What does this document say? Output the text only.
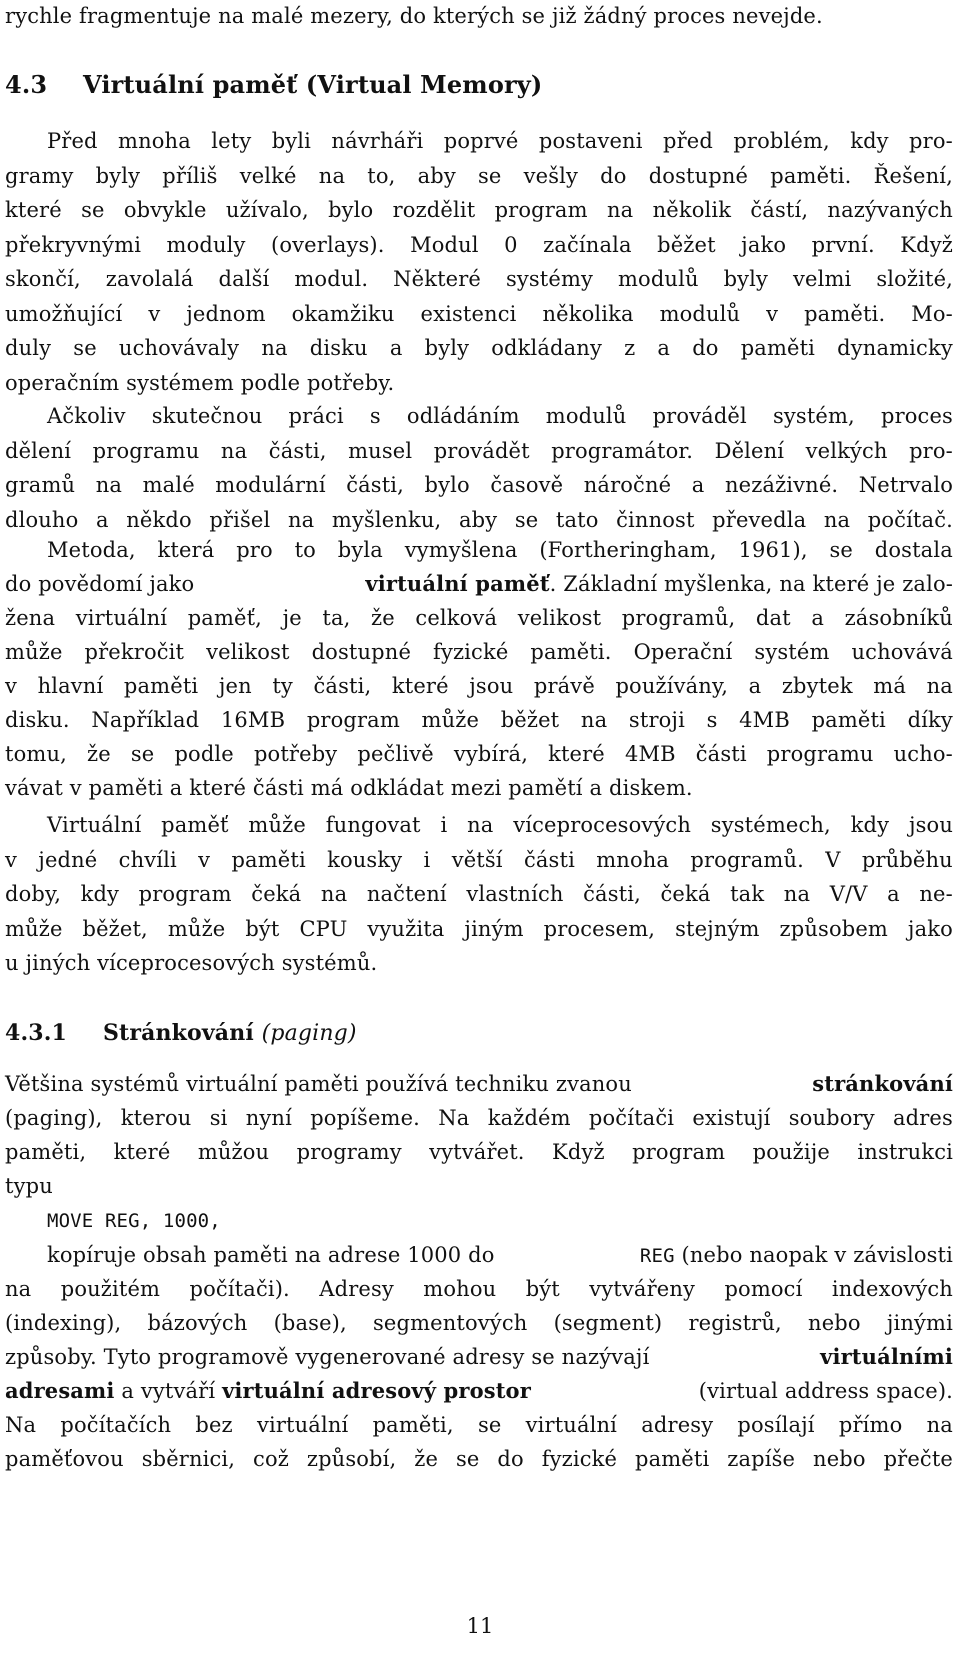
rychle fragmentuje na malé mezery, do kterých se již žádný proces nevejde.
4.3 Virtuální paměť (Virtual Memory)
Před mnoha lety byli návrháři poprvé postaveni před problém, kdy pro-
gramy byly příliš velké na to, aby se vešly do dostupné paměti. Řešení,
které se obvykle užívalo, bylo rozdělit program na několik částí, nazývaných
překryvnými moduly (overlays). Modul 0 začínala běžet jako první. Když
skončí, zavolalá další modul. Některé systémy modulů byly velmi složité,
umožňující v jednom okamžiku existenci několika modulů v paměti. Mo-
duly se uchovávaly na disku a byly odkládany z a do paměti dynamicky
operačním systémem podle potřeby.
Ačkoliv skutečnou práci s odládáním modulů prováděl systém, proces
dělení programu na části, musel provádět programátor. Dělení velkých pro-
gramů na malé modulární části, bylo časově náročné a nezáživné. Netrvalo
dlouho a někdo přišel na myšlenku, aby se tato činnost převedla na počítač.
Metoda, která pro to byla vymyšlena (Fortheringham, 1961), se dostala
do povědomí jako	virtuální paměť. Základní myšlenka, na které je zalo-
žena virtuální paměť, je ta, že celková velikost programů, dat a zásobníků
může překročit velikost dostupné fyzické paměti. Operační systém uchovává
v hlavní paměti jen ty části, které jsou právě používány, a zbytek má na
disku. Například 16MB program může běžet na stroji s 4MB paměti díky
tomu, že se podle potřeby pečlivě vybírá, které 4MB části programu ucho-
vávat v paměti a které části má odkládat mezi pamětí a diskem.
Virtuální paměť může fungovat i na víceprocesových systémech, kdy jsou
v jedné chvíli v paměti kousky i větší části mnoha programů. V průběhu
doby, kdy program čeká na načtení vlastních části, čeká tak na V/V a ne-
může běžet, může být CPU využita jiným procesem, stejným způsobem jako
u jiných víceprocesových systémů.
4.3.1 Stránkování (paging)
Většina systémů virtuální paměti používá techniku zvanou	stránkování
(paging), kterou si nyní popíšeme. Na každém počítači existují soubory adres
paměti, které můžou programy vytvářet. Když program použije instrukci
typu
MOVE REG, 1000,
kopíruje obsah paměti na adrese 1000 do	REG (nebo naopak v závislosti
na použitém počítači). Adresy mohou být vytvářeny pomocí indexových
(indexing), bázových (base), segmentových (segment) registrů, nebo jinými
způsoby. Tyto programově vygenerované adresy se nazývají	virtuálními
adresami a vytváří virtuální adresový prostor	(virtual address space).
Na počítačích bez virtuální paměti, se virtuální adresy posílají přímo na
paměťovou sběrnici, což způsobí, že se do fyzické paměti zapíše nebo přečte
11
